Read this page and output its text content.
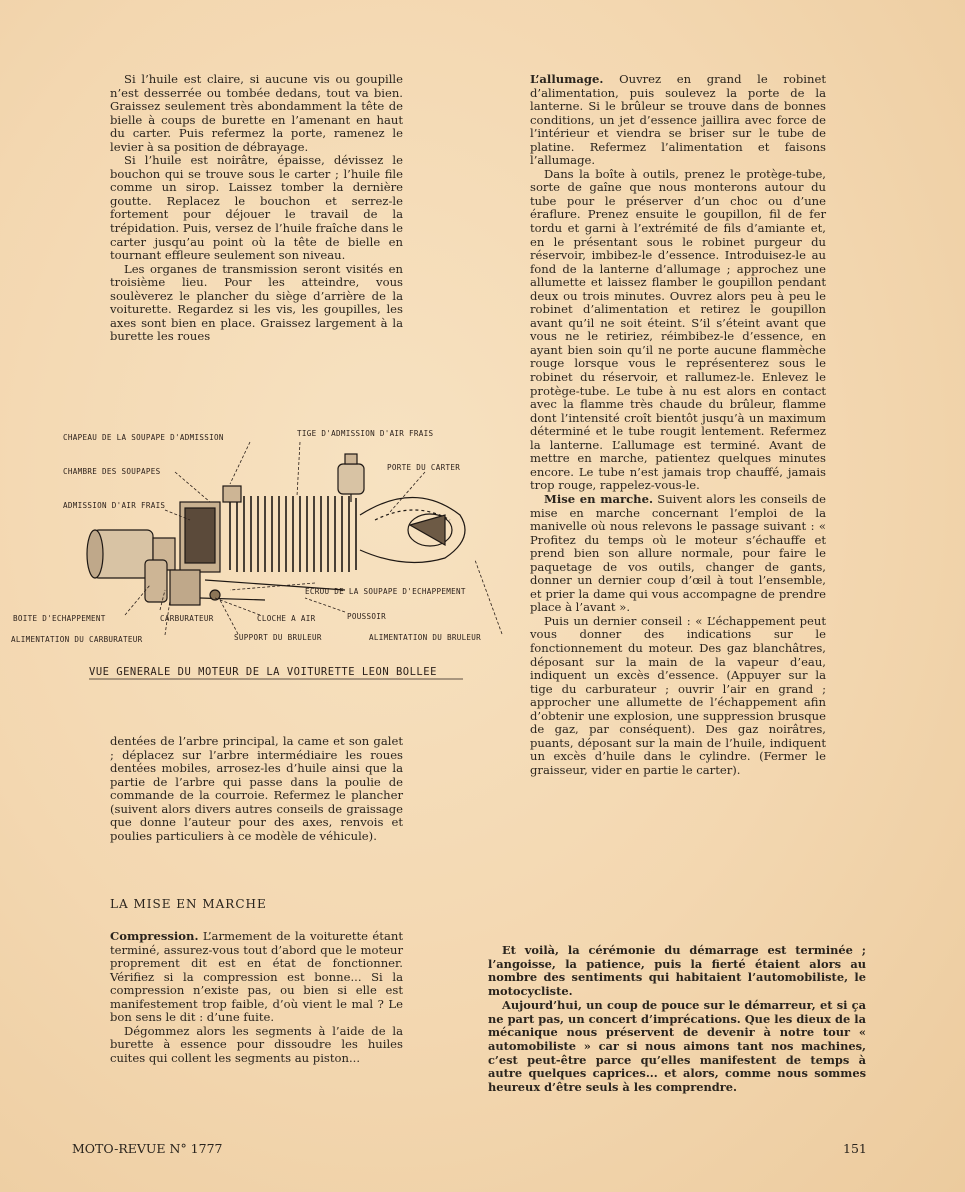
Si l’huile est claire, si aucune vis ou goupille n’est desserrée ou tombée dedans, tout va bien. Graissez seulement très abondamment la tête de bielle à coups de burette en l’amenant en haut du carter. Puis refermez la porte, ramenez le levier à sa position de débrayage.

Si l’huile est noirâtre, épaisse, dévissez le bouchon qui se trouve sous le carter ; l’huile file comme un sirop. Laissez tomber la dernière goutte. Replacez le bouchon et serrez-le fortement pour déjouer le travail de la trépidation. Puis, versez de l’huile fraîche dans le carter jusqu’au point où la tête de bielle en tournant effleure seulement son niveau.

Les organes de transmission seront visités en troisième lieu. Pour les atteindre, vous soulèverez le plancher du siège d’arrière de la voiturette. Regardez si les vis, les goupilles, les axes sont bien en place. Graissez largement à la burette les roues

CHAPEAU DE LA SOUPAPE D'ADMISSION	TIGE D'ADMISSION D'AIR FRAIS
CHAMBRE DES SOUPAPES	PORTE DU CARTER
ADMISSION D'AIR FRAIS
ECROU DE LA SOUPAPE D'ECHAPPEMENT
BOITE D'ECHAPPEMENT	CARBURATEUR	CLOCHE A AIR	POUSSOIR
ALIMENTATION DU CARBURATEUR	SUPPORT DU BRULEUR	ALIMENTATION DU BRULEUR
VUE GENERALE DU MOTEUR DE LA VOITURETTE LEON BOLLEE

L’allumage. Ouvrez en grand le robinet d’alimentation, puis soulevez la porte de la lanterne. Si le brûleur se trouve dans de bonnes conditions, un jet d’essence jaillira avec force de l’intérieur et viendra se briser sur le tube de platine. Refermez l’alimentation et faisons l’allumage.

Dans la boîte à outils, prenez le protège-tube, sorte de gaîne que nous monterons autour du tube pour le préserver d’un choc ou d’une éraflure. Prenez ensuite le goupillon, fil de fer tordu et garni à l’extrémité de fils d’amiante et, en le présentant sous le robinet purgeur du réservoir, imbibez-le d’essence. Introduisez-le au fond de la lanterne d’allumage ; approchez une allumette et laissez flamber le goupillon pendant deux ou trois minutes. Ouvrez alors peu à peu le robinet d’alimentation et retirez le goupillon avant qu’il ne soit éteint. S’il s’éteint avant que vous ne le retiriez, réimbibez-le d’essence, en ayant bien soin qu’il ne porte aucune flammèche rouge lorsque vous le représenterez sous le robinet du réservoir, et rallumez-le. Enlevez le protège-tube. Le tube à nu est alors en contact avec la flamme très chaude du brûleur, flamme dont l’intensité croît bientôt jusqu’à un maximum déterminé et le tube rougit lentement. Refermez la lanterne. L’allumage est terminé. Avant de mettre en marche, patientez quelques minutes encore. Le tube n’est jamais trop chauffé, jamais trop rouge, rappelez-vous-le.

Mise en marche. Suivent alors les conseils de mise en marche concernant l’emploi de la manivelle où nous relevons le passage suivant : « Profitez du temps où le moteur s’échauffe et prend bien son allure normale, pour faire le paquetage de vos outils, changer de gants, donner un dernier coup d’œil à tout l’ensemble, et prier la dame qui vous accompagne de prendre place à l’avant ».

Puis un dernier conseil : « L’échappement peut vous donner des indications sur le fonctionnement du moteur. Des gaz blanchâtres, déposant sur la main de la vapeur d’eau, indiquent un excès d’essence. (Appuyer sur la tige du carburateur ; ouvrir l’air en grand ; approcher une allumette de l’échappement afin d’obtenir une explosion, une suppression brusque de gaz, par conséquent). Des gaz noirâtres, puants, déposant sur la main de l’huile, indiquent un excès d’huile dans le cylindre. (Fermer le graisseur, vider en partie le carter).

dentées de l’arbre principal, la came et son galet ; déplacez sur l’arbre intermédiaire les roues dentées mobiles, arrosez-les d’huile ainsi que la partie de l’arbre qui passe dans la poulie de commande de la courroie. Refermez le plancher (suivent alors divers autres conseils de graissage que donne l’auteur pour des axes, renvois et poulies particuliers à ce modèle de véhicule).

LA MISE EN MARCHE

Compression. L’armement de la voiturette étant terminé, assurez-vous tout d’abord que le moteur proprement dit est en état de fonctionner. Vérifiez si la compression est bonne... Si la compression n’existe pas, ou bien si elle est manifestement trop faible, d’où vient le mal ? Le bon sens le dit : d’une fuite.

Dégommez alors les segments à l’aide de la burette à essence pour dissoudre les huiles cuites qui collent les segments au piston...

Et voilà, la cérémonie du démarrage est terminée ; l’angoisse, la patience, puis la fierté étaient alors au nombre des sentiments qui habitaient l’automobiliste, le motocycliste.

Aujourd’hui, un coup de pouce sur le démarreur, et si ça ne part pas, un concert d’imprécations. Que les dieux de la mécanique nous préservent de devenir à notre tour « automobiliste » car si nous aimons tant nos machines, c’est peut-être parce qu’elles manifestent de temps à autre quelques caprices... et alors, comme nous sommes heureux d’être seuls à les comprendre.

MOTO-REVUE N° 1777	151
